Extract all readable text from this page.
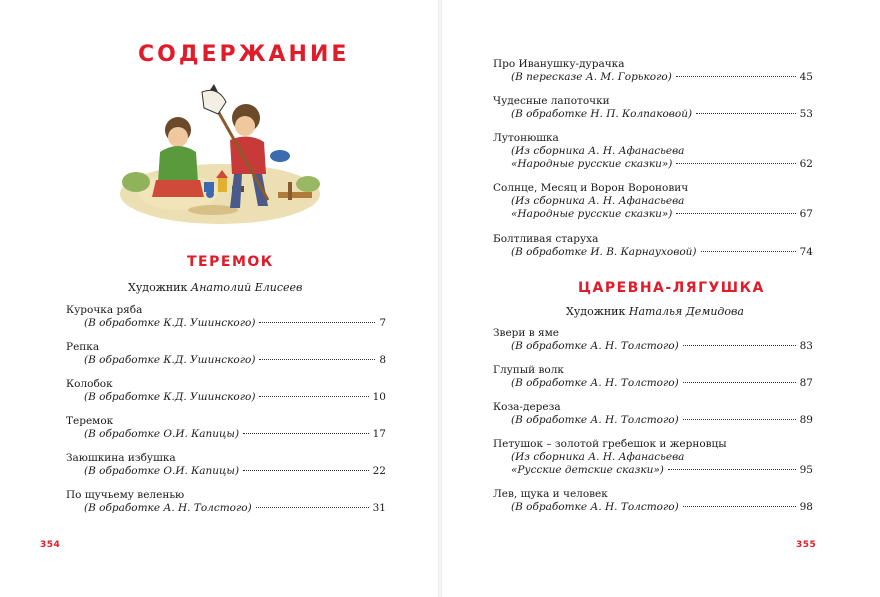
СОДЕРЖАНИЕ
ТЕРЕМОК
Художник Анатолий Елисеев
Курочка ряба
(В обработке К.Д. Ушинского)	7
Репка
(В обработке К.Д. Ушинского)	8
Колобок
(В обработке К.Д. Ушинского)	10
Теремок
(В обработке О.И. Капицы)	17
Заюшкина избушка
(В обработке О.И. Капицы)	22
По щучьему веленью
(В обработке А. Н. Толстого)	31
354
Про Иванушку-дурачка
(В пересказе А. М. Горького)	45
Чудесные лапоточки
(В обработке Н. П. Колпаковой)	53
Лутонюшка
(Из сборника А. Н. Афанасьева
«Народные русские сказки»)	62
Солнце, Месяц и Ворон Воронович
(Из сборника А. Н. Афанасьева
«Народные русские сказки»)	67
Болтливая старуха
(В обработке И. В. Карнауховой)	74
ЦАРЕВНА-ЛЯГУШКА
Художник Наталья Демидова
Звери в яме
(В обработке А. Н. Толстого)	83
Глупый волк
(В обработке А. Н. Толстого)	87
Коза-дереза
(В обработке А. Н. Толстого)	89
Петушок – золотой гребешок и жерновцы
(Из сборника А. Н. Афанасьева
«Русские детские сказки»)	95
Лев, щука и человек
(В обработке А. Н. Толстого)	98
355
